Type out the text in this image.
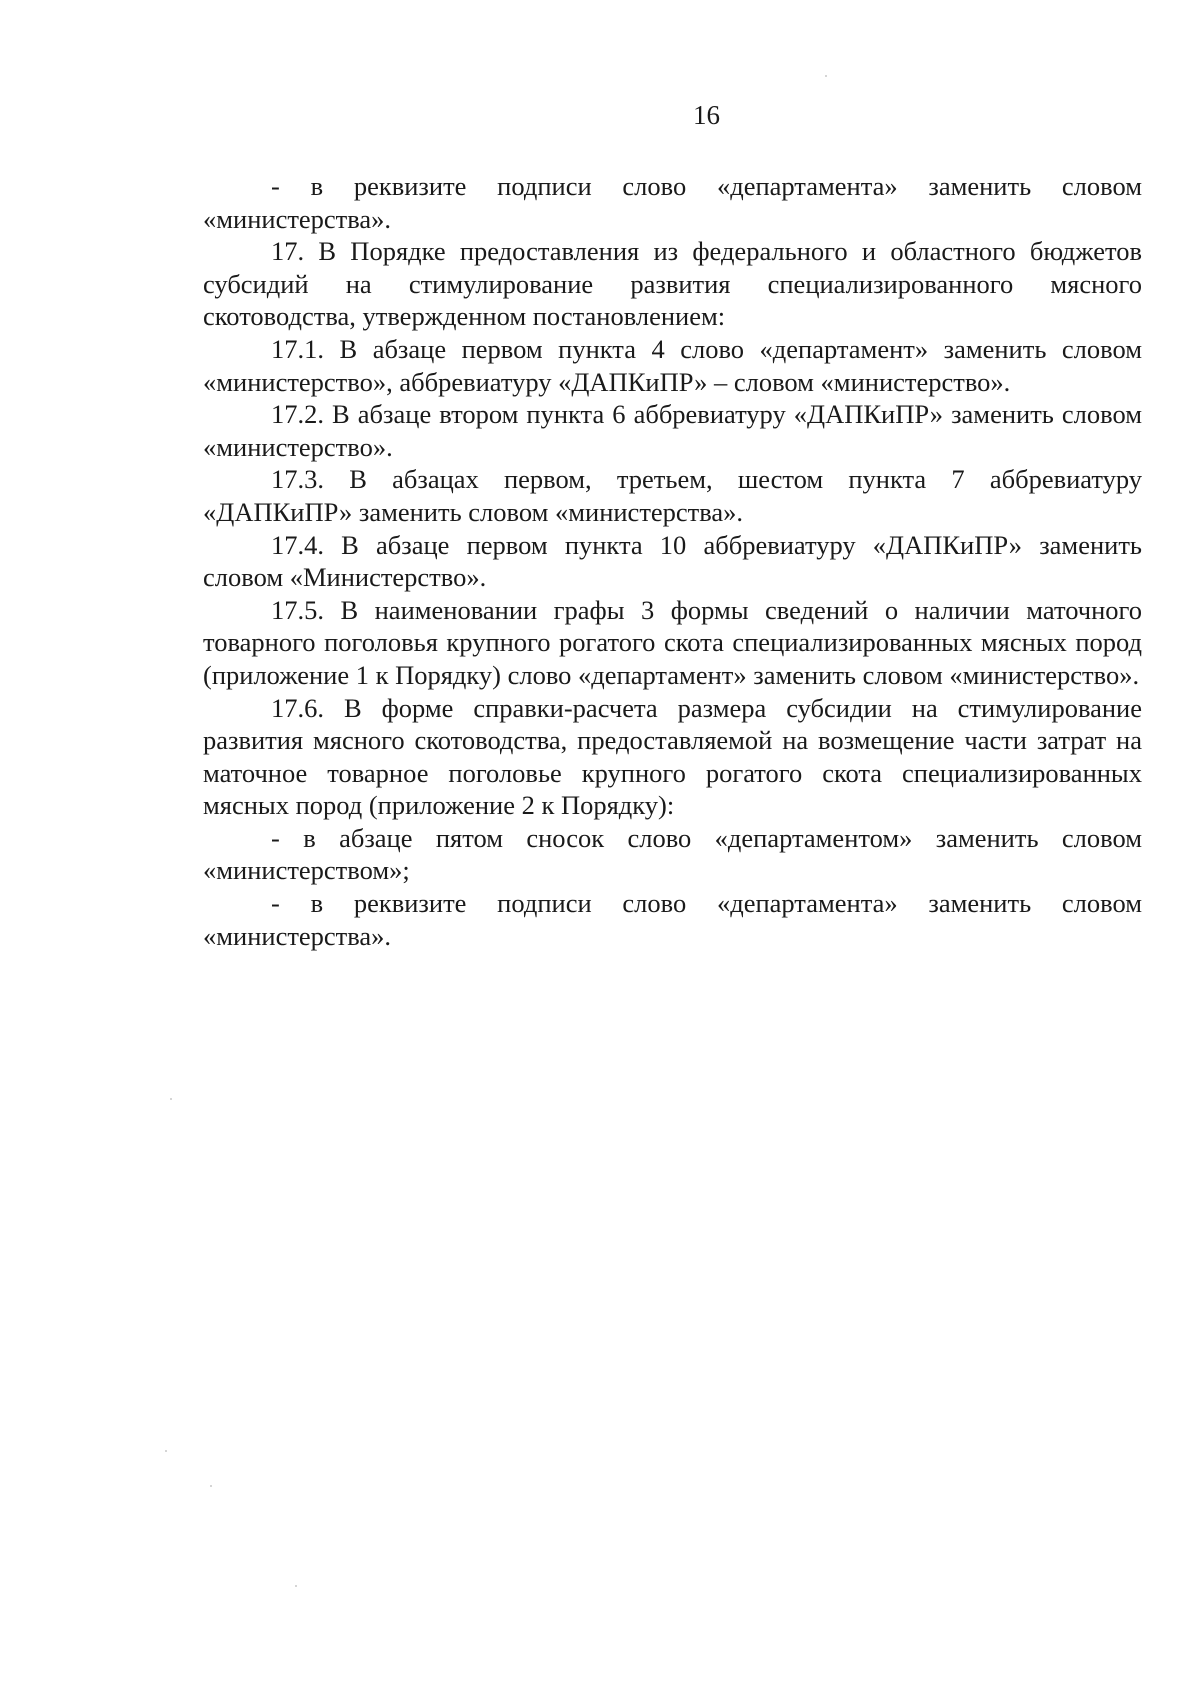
16

- в реквизите подписи слово «департамента» заменить словом «министерства».

17. В Порядке предоставления из федерального и областного бюджетов субсидий на стимулирование развития специализированного мясного скотоводства, утвержденном постановлением:

17.1. В абзаце первом пункта 4 слово «департамент» заменить словом «министерство», аббревиатуру «ДАПКиПР» – словом «министерство».

17.2. В абзаце втором пункта 6 аббревиатуру «ДАПКиПР» заменить словом «министерство».

17.3. В абзацах первом, третьем, шестом пункта 7 аббревиатуру «ДАПКиПР» заменить словом «министерства».

17.4. В абзаце первом пункта 10 аббревиатуру «ДАПКиПР» заменить словом «Министерство».

17.5. В наименовании графы 3 формы сведений о наличии маточного товарного поголовья крупного рогатого скота специализированных мясных пород (приложение 1 к Порядку) слово «департамент» заменить словом «министерство».

17.6. В форме справки-расчета размера субсидии на стимулирование развития мясного скотоводства, предоставляемой на возмещение части затрат на маточное товарное поголовье крупного рогатого скота специализированных мясных пород (приложение 2 к Порядку):

- в абзаце пятом сносок слово «департаментом» заменить словом «министерством»;

- в реквизите подписи слово «департамента» заменить словом «министерства».
